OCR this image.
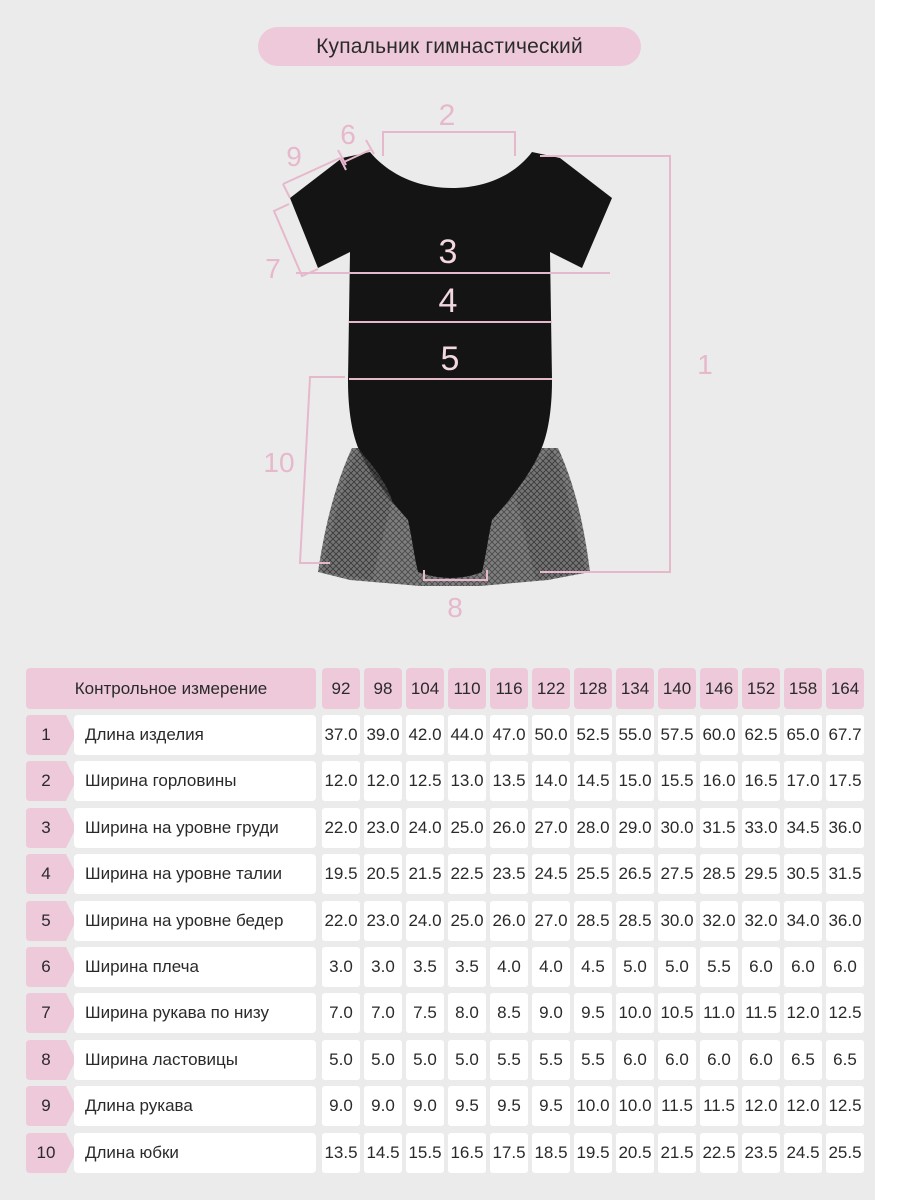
Купальник гимнастический
2
6
9
7
1
10
8
3
4
5
Контрольное измерение	92	98	104 110 116 122 128 134 140 146 152 158 164
1	Длина изделия	37.0 39.0 42.0 44.0 47.0 50.0 52.5 55.0 57.5 60.0 62.5 65.0 67.7
2	Ширина горловины	12.0 12.0 12.5 13.0 13.5 14.0 14.5 15.0 15.5 16.0 16.5 17.0 17.5
3	Ширина на уровне груди	22.0 23.0 24.0 25.0 26.0 27.0 28.0 29.0 30.0 31.5 33.0 34.5 36.0
4	Ширина на уровне талии	19.5 20.5 21.5 22.5 23.5 24.5 25.5 26.5 27.5 28.5 29.5 30.5 31.5
5	Ширина на уровне бедер	22.0 23.0 24.0 25.0 26.0 27.0 28.5 28.5 30.0 32.0 32.0 34.0 36.0
6	Ширина плеча	3.0	3.0	3.5	3.5	4.0	4.0	4.5	5.0	5.0	5.5	6.0	6.0	6.0
7	Ширина рукава по низу	7.0	7.0	7.5	8.0	8.5	9.0	9.5 10.0 10.5 11.0 11.5 12.0 12.5
8	Ширина ластовицы	5.0	5.0	5.0	5.0	5.5	5.5	5.5	6.0	6.0	6.0	6.0	6.5	6.5
9	Длина рукава	9.0	9.0	9.0	9.5	9.5	9.5 10.0 10.0 11.5 11.5 12.0 12.0 12.5
10	Длина юбки	13.5 14.5 15.5 16.5 17.5 18.5 19.5 20.5 21.5 22.5 23.5 24.5 25.5
